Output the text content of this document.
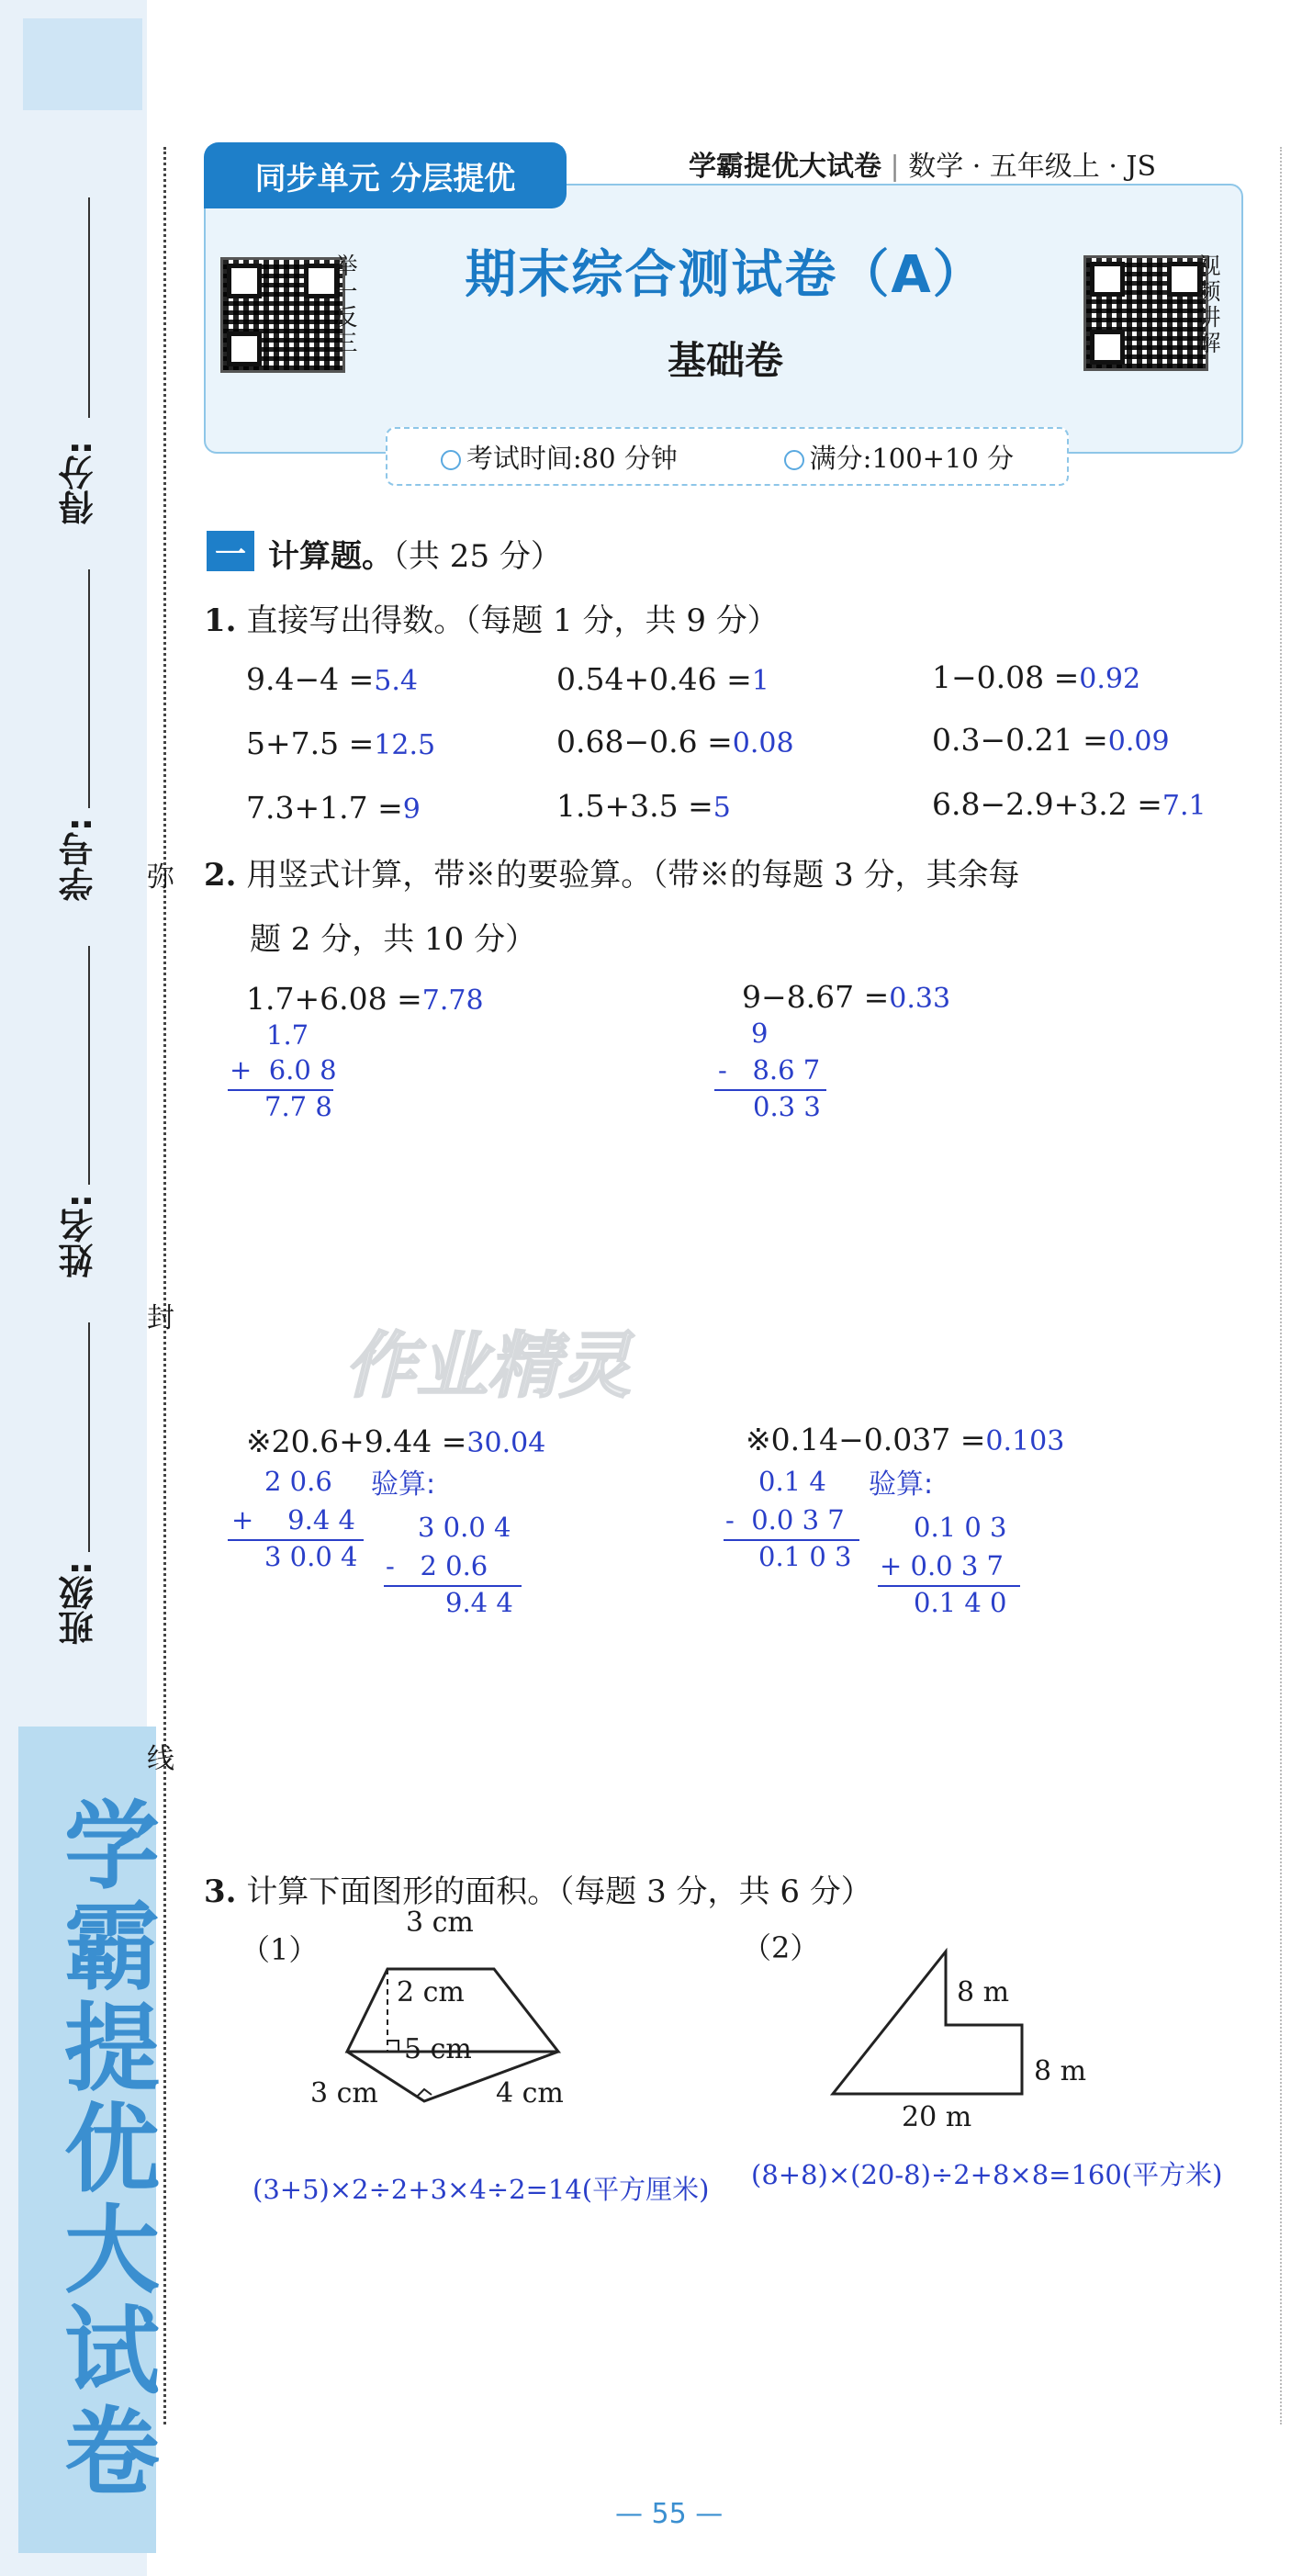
学霸提优大试卷
得分:
学号:
姓名:
班级:
弥
封
线
同步单元 分层提优	学霸提优大试卷 | 数学 · 五年级上 · JS
举
一
反
三
视
频
讲
解
期末综合测试卷（A）
基础卷
考试时间:80 分钟	满分:100+10 分
一 计算题。（共 25 分）
1. 直接写出得数。（每题 1 分，共 9 分）
9.4−4 =5.4	0.54+0.46 =1	1−0.08 =0.92
5+7.5 =12.5	0.68−0.6 =0.08	0.3−0.21 =0.09
7.3+1.7 =9	1.5+3.5 =5	6.8−2.9+3.2 =7.1
2. 用竖式计算，带※的要验算。（带※的每题 3 分，其余每
题 2 分，共 10 分）
1.7+6.08 =7.78
1.7
+  6.0 8
7.7 8
9−8.67 =0.33
9
-   8.6 7
0.3 3
作业精灵
※20.6+9.44 =30.04
2 0.6
+    9.4 4
3 0.0 4
验算:
3 0.0 4
-   2 0.6
9.4 4
※0.14−0.037 =0.103
0.1 4
-  0.0 3 7
0.1 0 3
验算:
0.1 0 3
+ 0.0 3 7
0.1 4 0
3. 计算下面图形的面积。（每题 3 分，共 6 分）
（1）
3 cm
2 cm
5 cm
3 cm	4 cm
(3+5)×2÷2+3×4÷2=14(平方厘米)
（2）
8 m
8 m
20 m
(8+8)×(20-8)÷2+8×8=160(平方米)
— 55 —
